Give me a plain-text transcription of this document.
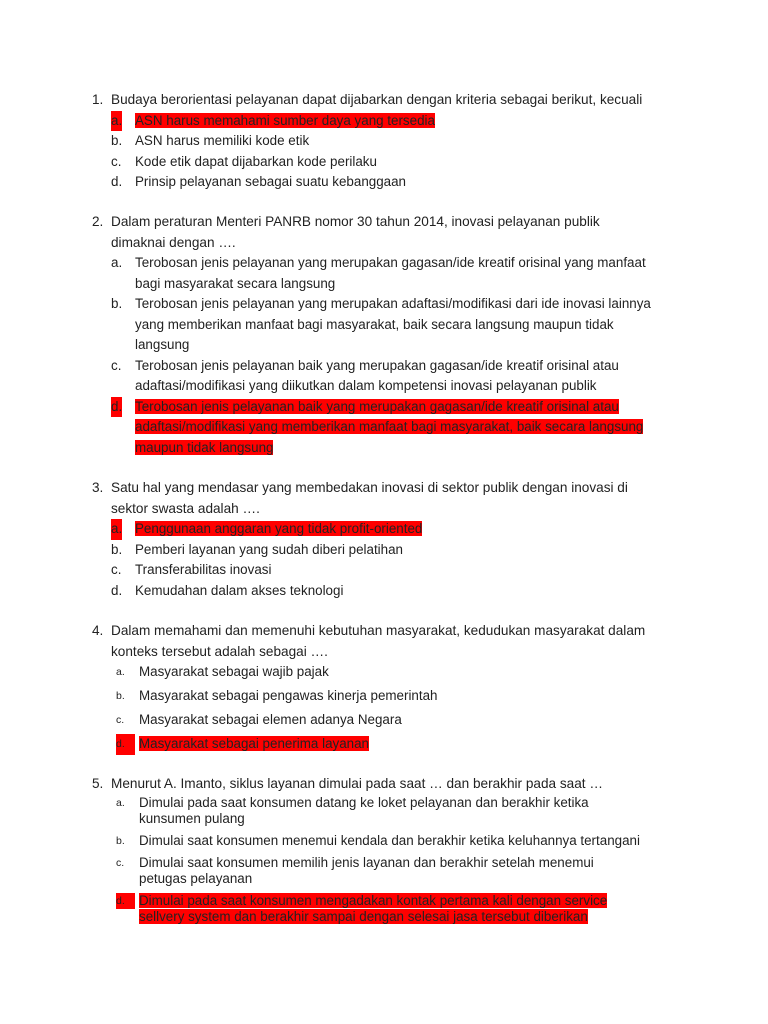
1. Budaya berorientasi pelayanan dapat dijabarkan dengan kriteria sebagai berikut, kecuali
a. ASN harus memahami sumber daya yang tersedia
b. ASN harus memiliki kode etik
c. Kode etik dapat dijabarkan kode perilaku
d. Prinsip pelayanan sebagai suatu kebanggaan
2. Dalam peraturan Menteri PANRB nomor 30 tahun 2014, inovasi pelayanan publik dimaknai dengan ….
a. Terobosan jenis pelayanan yang merupakan gagasan/ide kreatif orisinal yang manfaat bagi masyarakat secara langsung
b. Terobosan jenis pelayanan yang merupakan adaftasi/modifikasi dari ide inovasi lainnya yang memberikan manfaat bagi masyarakat, baik secara langsung maupun tidak langsung
c. Terobosan jenis pelayanan baik yang merupakan gagasan/ide kreatif orisinal atau adaftasi/modifikasi yang diikutkan dalam kompetensi inovasi pelayanan publik
d. Terobosan jenis pelayanan baik yang merupakan gagasan/ide kreatif orisinal atau adaftasi/modifikasi yang memberikan manfaat bagi masyarakat, baik secara langsung maupun tidak langsung
3. Satu hal yang mendasar yang membedakan inovasi di sektor publik dengan inovasi di sektor swasta adalah ….
a. Penggunaan anggaran yang tidak profit-oriented
b. Pemberi layanan yang sudah diberi pelatihan
c. Transferabilitas inovasi
d. Kemudahan dalam akses teknologi
4. Dalam memahami dan memenuhi kebutuhan masyarakat, kedudukan masyarakat dalam konteks tersebut adalah sebagai ….
a. Masyarakat sebagai wajib pajak
b. Masyarakat sebagai pengawas kinerja pemerintah
c. Masyarakat sebagai elemen adanya Negara
d.	Masyarakat sebagai penerima layanan
5. Menurut A. Imanto, siklus layanan dimulai pada saat … dan berakhir pada saat …
a. Dimulai pada saat konsumen datang ke loket pelayanan dan berakhir ketika kunsumen pulang
b. Dimulai saat konsumen menemui kendala dan berakhir ketika keluhannya tertangani
c. Dimulai saat konsumen memilih jenis layanan dan berakhir setelah menemui petugas pelayanan
d.	Dimulai pada saat konsumen mengadakan kontak pertama kali dengan service sellvery system dan berakhir sampai dengan selesai jasa tersebut diberikan
